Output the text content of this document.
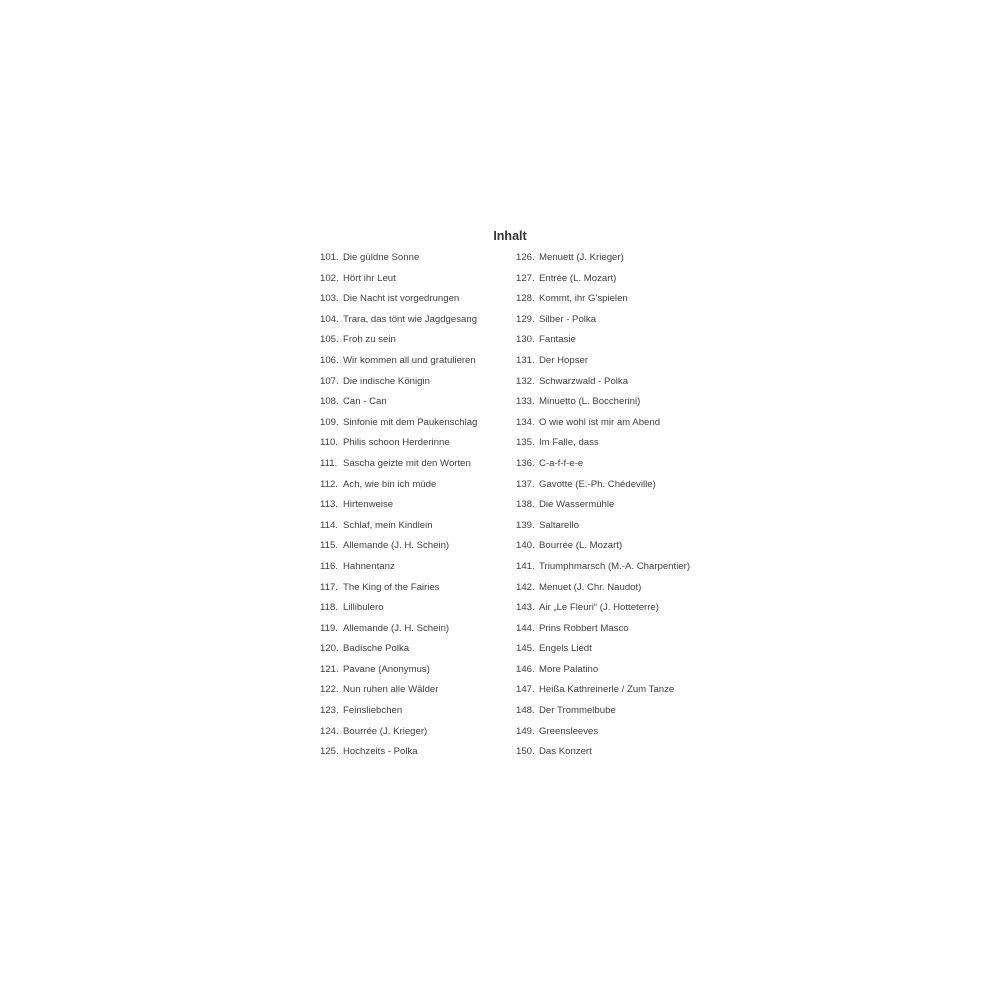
Inhalt
101. Die güldne Sonne
102. Hört ihr Leut
103. Die Nacht ist vorgedrungen
104. Trara, das tönt wie Jagdgesang
105. Froh zu sein
106. Wir kommen all und gratulieren
107. Die indische Königin
108. Can - Can
109. Sinfonie mit dem Paukenschlag
110. Philis schoon Herderinne
111. Sascha geizte mit den Worten
112. Ach, wie bin ich müde
113. Hirtenweise
114. Schlaf, mein Kindlein
115. Allemande (J. H. Schein)
116. Hahnentanz
117. The King of the Fairies
118. Lillibulero
119. Allemande (J. H. Schein)
120. Badische Polka
121. Pavane (Anonymus)
122. Nun ruhen alle Wälder
123. Feinsliebchen
124. Bourrée (J. Krieger)
125. Hochzeits - Polka
126. Menuett (J. Krieger)
127. Entrée (L. Mozart)
128. Kommt, ihr G'spielen
129. Silber - Polka
130. Fantasie
131. Der Hopser
132. Schwarzwald - Polka
133. Minuetto (L. Boccherini)
134. O wie wohl ist mir am Abend
135. Im Falle, dass
136. C-a-f-f-e-e
137. Gavotte (E.-Ph. Chédeville)
138. Die Wassermühle
139. Saltarello
140. Bourrée (L. Mozart)
141. Triumphmarsch (M.-A. Charpentier)
142. Menuet (J. Chr. Naudot)
143. Air „Le Fleuri“ (J. Hotteterre)
144. Prins Robbert Masco
145. Engels Liedt
146. More Palatino
147. Heißa Kathreinerle / Zum Tanze
148. Der Trommelbube
149. Greensleeves
150. Das Konzert
